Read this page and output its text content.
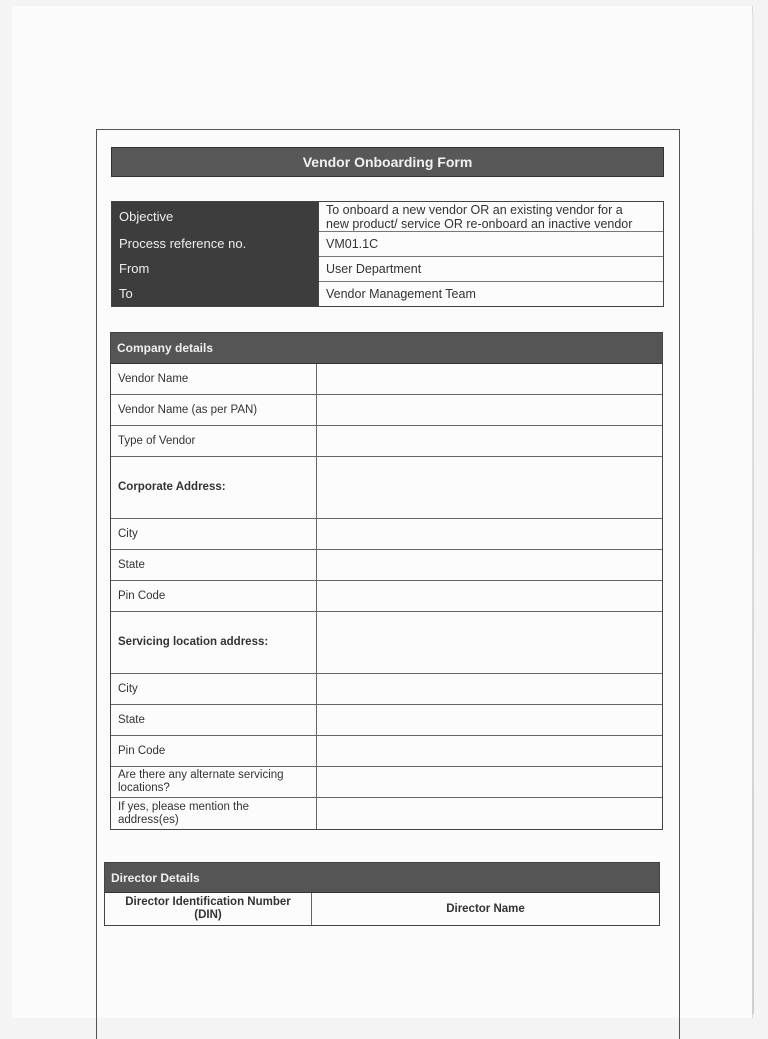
Vendor Onboarding Form
Objective
Process reference no.
From
To
To onboard a new vendor OR an existing vendor for a
new product/ service OR re-onboard an inactive vendor
VM01.1C
User Department
Vendor Management Team
Company details
Vendor Name
Vendor Name (as per PAN)
Type of Vendor
Corporate Address:
City
State
Pin Code
Servicing location address:
City
State
Pin Code
Are there any alternate servicing locations?
If yes, please mention the address(es)
Director Details
Director Identification Number (DIN)
Director Name
